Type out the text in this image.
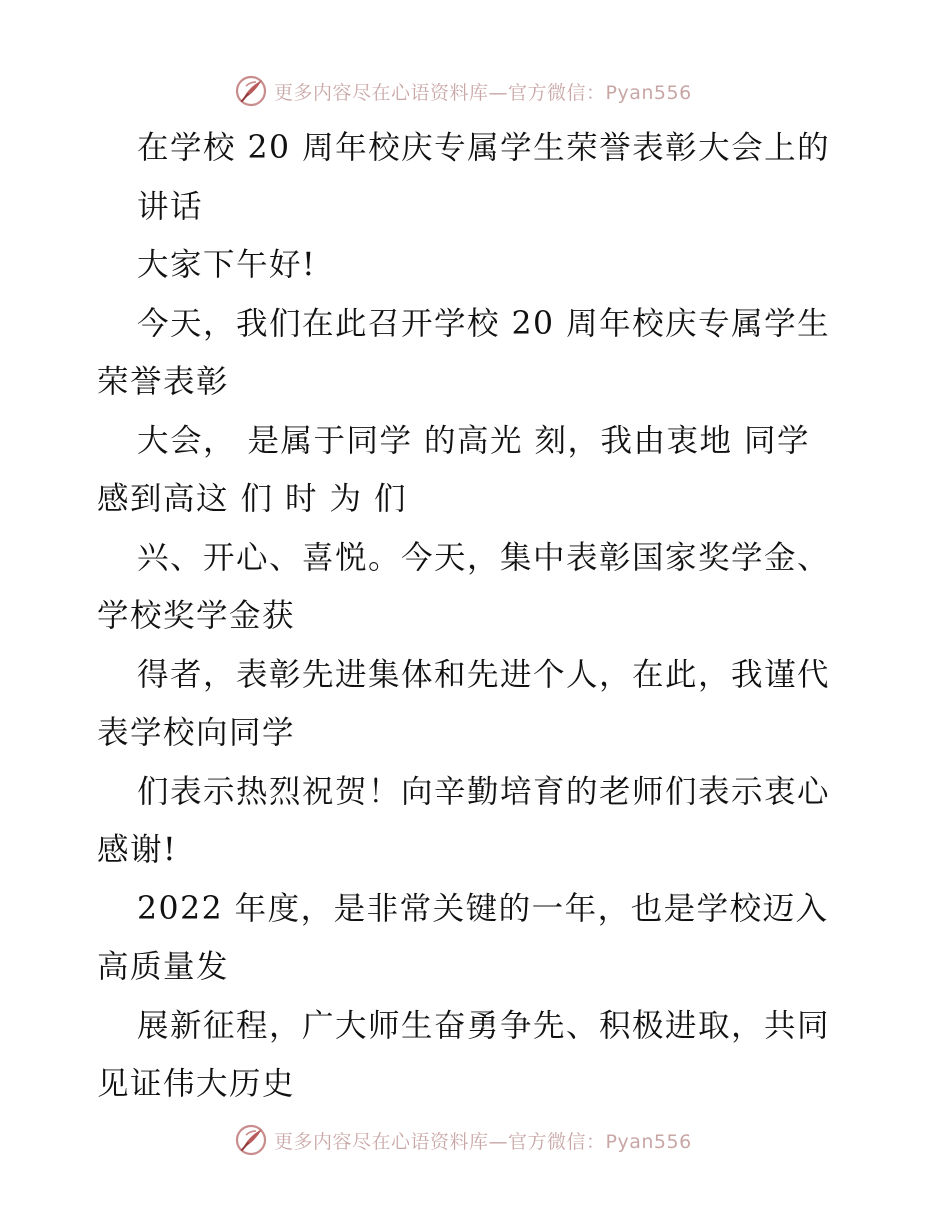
更多内容尽在心语资料库—官方微信：Pyan556
在学校 20 周年校庆专属学生荣誉表彰大会上的
讲话
大家下午好!
今天，我们在此召开学校 20 周年校庆专属学生
荣誉表彰
大会， 是属于同学 的高光 刻，我由衷地 同学
感到高这 们 时 为 们
兴、开心、喜悦。今天，集中表彰国家奖学金、
学校奖学金获
得者，表彰先进集体和先进个人，在此，我谨代
表学校向同学
们表示热烈祝贺！向辛勤培育的老师们表示衷心
感谢!
2022 年度，是非常关键的一年，也是学校迈入
高质量发
展新征程，广大师生奋勇争先、积极进取，共同
见证伟大历史
更多内容尽在心语资料库—官方微信：Pyan556
